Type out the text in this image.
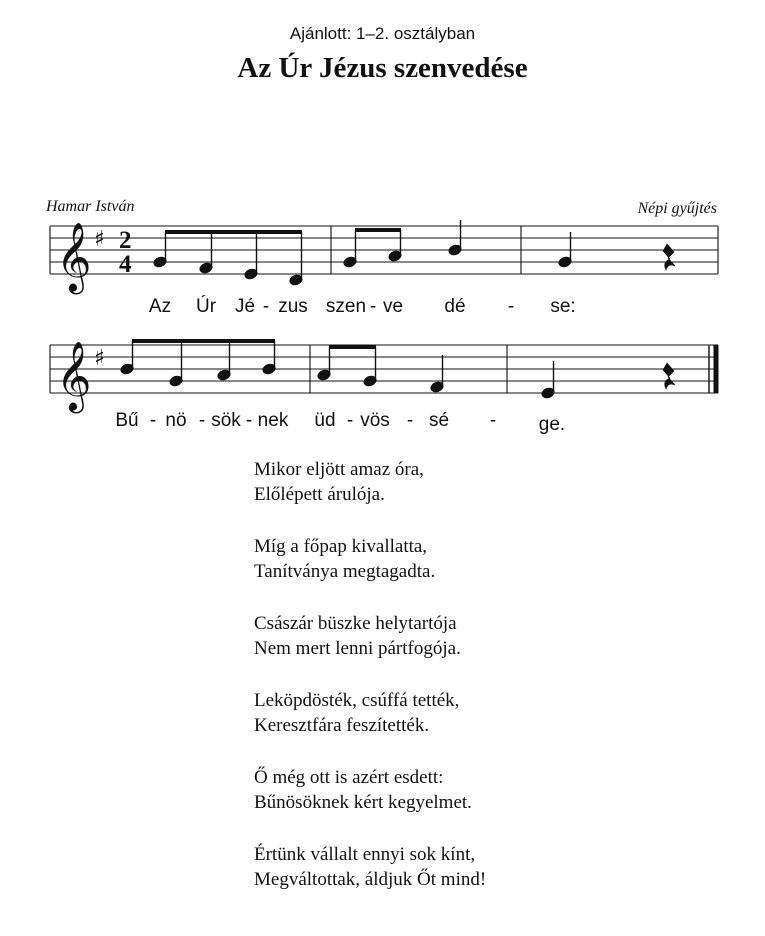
Ajánlott: 1–2. osztályban
Az Úr Jézus szenvedése
Hamar István	Népi gyűjtés
𝄞 ♯ 2
4
𝄞 ♯
Az Úr Jé - zus szen - ve dé - se:
Bű - nö - sök - nek üd - vös - sé - ge.
Mikor eljött amaz óra,
Előlépett árulója.
Míg a főpap kivallatta,
Tanítványa megtagadta.
Császár büszke helytartója
Nem mert lenni pártfogója.
Leköpdösték, csúffá tették,
Keresztfára feszítették.
Ő még ott is azért esdett:
Bűnösöknek kért kegyelmet.
Értünk vállalt ennyi sok kínt,
Megváltottak, áldjuk Őt mind!
